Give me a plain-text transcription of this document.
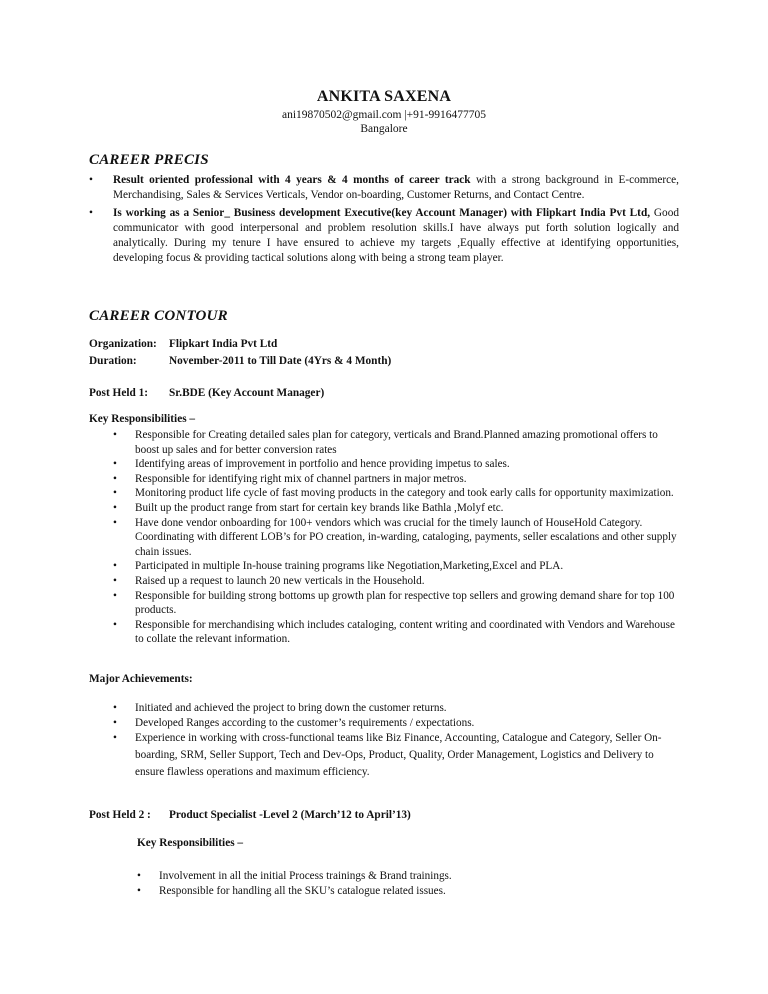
ANKITA SAXENA
ani19870502@gmail.com |+91-9916477705
Bangalore
CAREER PRECIS
• Result oriented professional with 4 years & 4 months of career track with a strong background in E-commerce, Merchandising, Sales & Services Verticals, Vendor on-boarding, Customer Returns, and Contact Centre.
• Is working as a Senior_ Business development Executive(key Account Manager) with Flipkart India Pvt Ltd, Good communicator with good interpersonal and problem resolution skills.I have always put forth solution logically and analytically. During my tenure I have ensured to achieve my targets ,Equally effective at identifying opportunities, developing focus & providing tactical solutions along with being a strong team player.
CAREER CONTOUR
Organization: Flipkart India Pvt Ltd
Duration:	November-2011 to Till Date (4Yrs & 4 Month)
Post Held 1: Sr.BDE (Key Account Manager)
Key Responsibilities –
• Responsible for Creating detailed sales plan for category, verticals and Brand.Planned amazing promotional offers to boost up sales and for better conversion rates
• Identifying areas of improvement in portfolio and hence providing impetus to sales.
• Responsible for identifying right mix of channel partners in major metros.
• Monitoring product life cycle of fast moving products in the category and took early calls for opportunity maximization.
• Built up the product range from start for certain key brands like Bathla ,Molyf etc.
• Have done vendor onboarding for 100+ vendors which was crucial for the timely launch of HouseHold Category. Coordinating with different LOB’s for PO creation, in-warding, cataloging, payments, seller escalations and other supply chain issues.
• Participated in multiple In-house training programs like Negotiation,Marketing,Excel and PLA.
• Raised up a request to launch 20 new verticals in the Household.
• Responsible for building strong bottoms up growth plan for respective top sellers and growing demand share for top 100 products.
• Responsible for merchandising which includes cataloging, content writing and coordinated with Vendors and Warehouse to collate the relevant information.
Major Achievements:
• Initiated and achieved the project to bring down the customer returns.
• Developed Ranges according to the customer’s requirements / expectations.
• Experience in working with cross-functional teams like Biz Finance, Accounting, Catalogue and Category, Seller On-boarding, SRM, Seller Support, Tech and Dev-Ops, Product, Quality, Order Management, Logistics and Delivery to ensure flawless operations and maximum efficiency.
Post Held 2 : Product Specialist -Level 2 (March’12 to April’13)
Key Responsibilities –
• Involvement in all the initial Process trainings & Brand trainings.
• Responsible for handling all the SKU’s catalogue related issues.
